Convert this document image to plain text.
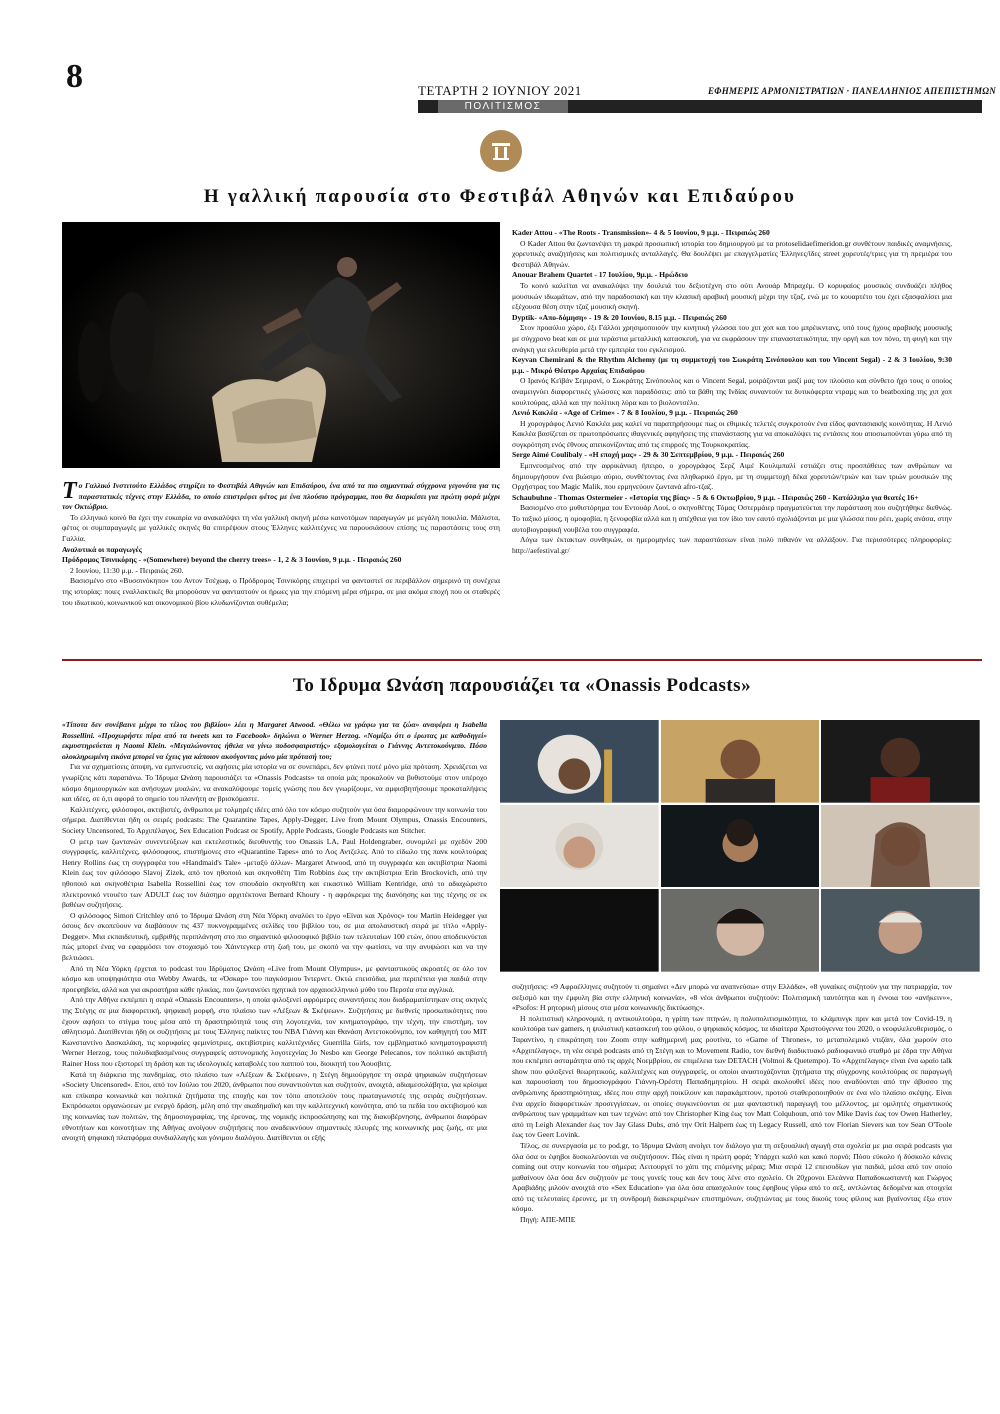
8	ΤΕΤΑΡΤΗ 2 ΙΟΥΝΙΟΥ 2021	ΕΦΗΜΕΡΙΣ ΑΡΜΟΝΙΣΤΡΑΤΙΩΝ · ΠΑΝΕΛΛΗΝΙΟΣ ΑΠΕΠΙΣΤΗΜΩΝ
ΠΟΛΙΤΙΣΜΟΣ
Η γαλλική παρουσία στο Φεστιβάλ Αθηνών και Επιδαύρου

Το Γαλλικό Ινστιτούτο Ελλάδος στηρίζει το Φεστιβάλ Αθηνών και Επιδαύρου, ένα από τα πιο σημαντικά σύγχρονα γεγονότα για τις παραστατικές τέχνες στην Ελλάδα, το οποίο επιστρέφει φέτος με ένα πλούσιο πρόγραμμα, που θα διαρκέσει για πρώτη φορά μέχρι τον Οκτώβριο.

Το ελληνικό κοινό θα έχει την ευκαιρία να ανακαλύψει τη νέα γαλλική σκηνή μέσω καινοτόμων παραγωγών με μεγάλη ποικιλία. Μάλιστα, φέτος οι συμπαραγωγές με γαλλικές σκηνές θα επιτρέψουν στους Έλληνες καλλιτέχνες να παρουσιάσουν επίσης τις παραστάσεις τους στη Γαλλία.

Αναλυτικά οι παραγωγές

Πρόδρομος Τσινικόρης - «(Somewhere) beyond the cherry trees» - 1, 2 & 3 Ιουνίου, 9 μ.μ. - Πειραιώς 260

2 Ιουνίου, 11:30 μ.μ. - Πειραιώς 260.

Βασισμένο στο «Βυσσινόκηπο» του Αντον Τσέχωφ, ο Πρόδρομος Τσινικόρης επιχειρεί να φανταστεί σε περιβάλλον σημερινό τη συνέχεια της ιστορίας: ποιες εναλλακτικές θα μπορούσαν να φανταστούν οι ήρωες για την επόμενη μέρα σήμερα, σε μια ακόμα εποχή που οι σταθερές του ιδιωτικού, κοινωνικού και οικονομικού βίου κλυδωνίζονται συθέμελα;

Kader Attou - «The Roots - Transmission»- 4 & 5 Ιουνίου, 9 μ.μ. - Πειραιώς 260

Ο Kader Attou θα ζωντανέψει τη μακρά προσωπική ιστορία του δημιουργού με τα protoselidaefimeridon.gr συνθέτουν παιδικές αναμνήσεις, χορευτικές αναζητήσεις και πολιτισμικές ανταλλαγές. Θα δουλέψει με επαγγελματίες Έλληνες/ίδες street χορευτές/τριες για τη πρεμιέρα του Φεστιβάλ Αθηνών.

Anouar Brahem Quartet - 17 Ιουλίου, 9μ.μ. - Ηρώδειο

Το κοινό καλείται να ανακαλύψει την δουλειά του δεξιοτέχνη στο ούτι Ανουάρ Μπραχέμ. Ο κορυφαίος μουσικός συνδυάζει πλήθος μουσικών ιδιωμάτων, από την παραδοσιακή και την κλασική αραβική μουσική μέχρι την τζαζ, ενώ με το κουαρτέτο του έχει εξασφαλίσει μια εξέχουσα θέση στην τζαζ μουσική σκηνή.

Dyptik- «Απο-δόμηση» - 19 & 20 Ιουνίου, 8.15 μ.μ. - Πειραιώς 260

Στον προαύλιο χώρο, έξι Γάλλοι χρησιμοποιούν την κινητική γλώσσα του χιπ χοπ και του μπρέικντανς, υπό τους ήχους αραβικής μουσικής με σύγχρονο beat και σε μια τεράστια μεταλλική κατασκευή, για να εκφράσουν την επαναστατικότητα, την οργή και τον πόνο, τη φυγή και την ανάγκη για ελευθερία μετά την εμπειρία του εγκλεισμού.

Keyvan Chemirani & the Rhythm Alchemy (με τη συμμετοχή του Σωκράτη Σινόπουλου και του Vincent Segal) - 2 & 3 Ιουλίου, 9:30 μ.μ. - Μικρό Θέατρο Αρχαίας Επιδαύρου

Ο Ιρανός Κεϊβάν Σεμιρανί, ο Σωκράτης Σινόπουλος και ο Vincent Segal, μοιράζονται μαζί μας τον πλούσιο και σύνθετο ήχο τους ο οποίος αναμειγνύει διαφορετικές γλώσσες και παραδόσεις: από τα βάθη της Ινδίας συναντούν τα δυτικόφερτα ντραμς και το beatboxing της χιπ χοπ κουλτούρας, αλλά και την πολίτικη λύρα και το βιολοντσέλο.

Λενιό Κακλέα - «Age of Crime» - 7 & 8 Ιουλίου, 9 μ.μ. - Πειραιώς 260

Η χορογράφος Λενιό Κακλέα μας καλεί να παρατηρήσουμε πως οι εθιμικές τελετές συγκροτούν ένα είδος φαντασιακής κοινότητας. Η Λενιό Κακλέα βασίζεται σε πρωτοπρόσωπες ιθαγενικές αφηγήσεις της επανάστασης για να αποκαλύψει τις εντάσεις που αποσιωπούνται γύρω από τη συγκρότηση ενός έθνους απεικονίζοντας από τις επιρροές της Τουρκοκρατίας.

Serge Aimé Coulibaly - «Η εποχή μας» - 29 & 30 Σεπτεμβρίου, 9 μ.μ. - Πειραιώς 260

Εμπνευσμένος από την αφρικάνικη ήπειρο, ο χορογράφος Σερζ Αιμέ Κουλιμπαλί εστιάζει στις προσπάθειες των ανθρώπων να δημιουργήσουν ένα βιώσιμο αύριο, συνθέτοντας ένα πληθωρικό έργο, με τη συμμετοχή δέκα χορευτών/τριών και των τριών μουσικών της Ορχήστρας του Magic Malik, που ερμηνεύουν ζωντανά afro-τζαζ.

Schaubuhne - Thomas Ostermeier - «Ιστορία της βίας» - 5 & 6 Οκτωβρίου, 9 μ.μ. - Πειραιώς 260 - Κατάλληλο για θεατές 16+

Βασισμένο στο μυθιστόρημα του Εντουάρ Λουί, ο σκηνοθέτης Τόμας Οστερμάιερ πραγματεύεται την παράσταση που συζητήθηκε διεθνώς. Το ταξικό μίσος, η ομοφοβία, η ξενοφοβία αλλά και η απέχθεια για τον ίδιο τον εαυτό σχολιάζονται με μια γλώσσα που ρέει, χωρίς ανάσα, στην αυτοβιογραφική νουβέλα του συγγραφέα.

Λόγω των έκτακτων συνθηκών, οι ημερομηνίες των παραστάσεων είναι πολύ πιθανόν να αλλάξουν. Για περισσότερες πληροφορίες: http://aefestival.gr/

Το Ιδρυμα Ωνάση παρουσιάζει τα «Onassis Podcasts»

«Τίποτα δεν συνέβαινε μέχρι το τέλος του βιβλίου» λέει η Margaret Atwood. «Θέλω να γράφω για τα ζώα» αναφέρει η Isabella Rossellini. «Προχωρήστε πέρα από τα tweets και το Facebook» δηλώνει ο Werner Herzog. «Νομίζω ότι ο έρωτας με καθοδηγεί» εκμυστηρεύεται η Naomi Klein. «Μεγαλώνοντας ήθελα να γίνω ποδοσφαιριστής» εξομολογείται ο Γιάννης Αντετοκούνμπο. Πόσο ολοκληρωμένη εικόνα μπορεί να έχεις για κάποιον ακούγοντας μόνο μία πρότασή του;

Για να σχηματίσεις άποψη, να εμπνευστείς, να αφήσεις μία ιστορία να σε συνεπάρει, δεν φτάνει ποτέ μόνο μία πρόταση. Χρειάζεται να γνωρίζεις κάτι παραπάνω. Το Ίδρυμα Ωνάση παρουσιάζει τα «Onassis Podcasts» τα οποία μάς προκαλούν να βυθιστούμε στον υπέροχο κόσμο δημιουργικών και ανήσυχων μυαλών, να ανακαλύψουμε τομείς γνώσης που δεν γνωρίζουμε, να αμφισβητήσουμε προκαταλήψεις και ιδέες, σε ό,τι αφορά το σημείο του πλανήτη αν βρισκόμαστε.

Καλλιτέχνες, φιλόσοφοι, ακτιβιστές, άνθρωποι με τολμηρές ιδέες από όλο τον κόσμο συζητούν για όσα διαμορφώνουν την κοινωνία του σήμερα. Διατίθενται ήδη οι σειρές podcasts: The Quarantine Tapes, Apply-Degger, Live from Mount Olympus, Onassis Encounters, Society Uncensored, Το Αρχιπέλαγος, Sex Education Podcast σε Spotify, Apple Podcasts, Google Podcasts και Stitcher.

Ο μετρ των ζωντανών συνεντεύξεων και εκτελεστικός διευθυντής του Onassis LA, Paul Holdengraber, συνομιλεί με σχεδόν 200 συγγραφείς, καλλιτέχνες, φιλόσοφους, επιστήμονες στο «Quarantine Tapes» από το Λος Αντζελες. Από το είδωλο της πανκ κουλτούρας Henry Rollins έως τη συγγραφέα του «Handmaid's Tale» -μεταξύ άλλων- Margaret Atwood, από τη συγγραφέα και ακτιβίστρια Naomi Klein έως τον φιλόσοφο Slavoj Zizek, από τον ηθοποιό και σκηνοθέτη Tim Robbins έως την ακτιβίστρια Erin Brockovich, από την ηθοποιό και σκηνοθέτρια Isabella Rossellini έως τον σπουδαίο σκηνοθέτη και εικαστικό William Kentridge, από το αδιαχώριστο πλεκτρονικό ντουέτο των ADULT έως τον διάσημο αρχιτέκτονα Bernard Khoury - η αφρόκρεμα της διανόησης και της τέχνης σε εκ βαθέων συζητήσεις.

Ο φιλόσοφος Simon Critchley από το Ίδρυμα Ωνάση στη Νέα Υόρκη αναλύει το έργο «Είναι και Χρόνος» του Martin Heidegger για όσους δεν σκοπεύουν να διαβάσουν τις 437 πυκνογραμμένες σελίδες του βιβλίου του, σε μια απολαυστική σειρά με τίτλο «Apply-Degger». Μια εκπαιδευτική, εμβριθής περιπλάνηση στο πιο σημαντικό φιλοσοφικό βιβλίο των τελευταίων 100 ετών, όπου αποδεικνύεται πώς μπορεί ένας να εφαρμόσει τον στοχασμό του Χάιντεγκερ στη ζωή του, με σκοπό να την φωτίσει, να την ανυψώσει και να την βελτιώσει.

Από τη Νέα Υόρκη έρχεται το podcast του Ιδρύματος Ωνάση «Live from Mount Olympus», με φανταστικούς ακροατές σε όλο τον κόσμο και υποψηφιότητα στα Webby Awards, τα «Όσκαρ» του παγκόσμιου Ίντερνετ. Οκτώ επεισόδια, μια περιπέτεια για παιδιά στην προεφηβεία, αλλά και για ακροατήρια κάθε ηλικίας, που ζωντανεύει ηχητικά τον αρχαιοελληνικό μύθο του Περσέα στα αγγλικά.

Από την Αθήνα εκπέμπει η σειρά «Onassis Encounters», η οποία φιλοξενεί αφρόμερες συναντήσεις που διαδραματίστηκαν στις σκηνές της Στέγης σε μια διαφορετική, ψηφιακή μορφή, στο πλαίσιο των «Λέξεων & Σκέψεων». Συζητήσεις με διεθνείς προσωπικότητες που έχουν αφήσει το στίγμα τους μέσα από τη δραστηριότητά τους στη λογοτεχνία, τον κινηματογράφο, την τέχνη, την επιστήμη, τον αθλητισμό. Διατίθενται ήδη οι συζητήσεις με τους Έλληνες παίκτες του NBA Γιάννη και Θανάση Αντετοκούνμπο, τον καθηγητή του MIT Κωνσταντίνο Δασκαλάκη, τις κορυφαίες φεμινίστριες, ακτιβίστριες καλλιτέχνιδες Guerrilla Girls, τον εμβληματικό κινηματογραφιστή Werner Herzog, τους πολυδιαβασμένους συγγραφείς αστυνομικής λογοτεχνίας Jo Nesbo και George Pelecanos, τον πολιτικό ακτιβιστή Rainer Hoss που εξιστορεί τη δράση και τις ιδεολογικές καταβολές του παππού του, διοικητή του Άουσβιτς.

Κατά τη διάρκεια της πανδημίας, στο πλαίσιο των «Λέξεων & Σκέψεων», η Στέγη δημιούργησε τη σειρά ψηφιακών συζητήσεων «Society Uncensored». Εποι, από τον Ιούλιο του 2020, άνθρωποι που συναντιούνται και συζητούν, ανοιχτά, αδιαμεσολάβητα, για κρίσιμα και επίκαιρα κοινωνικά και πολιτικά ζητήματα της εποχής και τον τόπο αποτελούν τους πρωταγωνιστές της σειράς συζητήσεων. Εκπρόσωποι οργανώσεων με ενεργό δράση, μέλη από την ακαδημαϊκή και την καλλιτεχνική κοινότητα, από τα πεδία του ακτιβισμού και της κοινωνίας των πολιτών, της δημοσιογραφίας, της έρευνας, της νομικής εκπροσώπησης και της διακυβέρνησης, άνθρωποι διαφόρων εθνοτήτων και κοινοτήτων της Αθήνας ανοίγουν συζητήσεις που αναδεικνύουν σημαντικές πλευρές της κοινωνικής μας ζωής, σε μια ανοιχτή ψηφιακή πλατφόρμα συνδιαλλαγής και γόνιμου διαλόγου. Διατίθενται οι εξής

συζητήσεις: «9 Αφροέλληνες συζητούν τι σημαίνει «Δεν μπορώ να αναπνεύσω» στην Ελλάδα», «8 γυναίκες συζητούν για την πατριαρχία, τον σεξισμό και την έμφυλη βία στην ελληνική κοινωνία», «8 νέοι άνθρωποι συζητούν: Πολιτισμική ταυτότητα και η έννοια του «ανήκειν»», «Psofos: Η ρητορική μίσους στα μέσα κοινωνικής δικτύωσης».

Η πολιτιστική κληρονομιά, η αντικουλτούρα, η γρίπη των πτηνών, η πολυπολιτισμικότητα, το κλάμπινγκ πριν και μετά τον Covid-19, η κουλτούρα των gamers, η ψυλιστική κατασκευή του φύλου, ο ψηφιακός κόσμος, τα ιδιαίτερα Χριστούγεννα του 2020, ο νεοφιλελευθερισμός, ο Ταραντίνο, η επικράτηση του Zoom στην καθημερινή μας ρουτίνα, το «Game of Thrones», το μεταπολεμικό ντιζάιν, όλα χωρούν στο «Αρχιπέλαγος», τη νέα σειρά podcasts από τη Στέγη και το Movement Radio, τον διεθνή διαδικτυακό ραδιοφωνικό σταθμό με έδρα την Αθήνα που εκπέμπει ασταμάτητα από τις αρχές Νοεμβρίου, σε επιμέλεια των DETACH (Voltnoi & Quetempo). Το «Αρχιπέλαγος» είναι ένα ωραίο talk show που φιλοξενεί θεωρητικούς, καλλιτέχνες και συγγραφείς, οι οποίοι αναστοχάζονται ζητήματα της σύγχρονης κουλτούρας σε παραγωγή και παρουσίαση του δημοσιογράφου Γιάννη-Ορέστη Παπαδημητρίου. Η σειρά ακολουθεί ιδέες που αναδύονται από την άβυσσο της ανθρώπινης δραστηριότητας, ιδέες που στην αρχή ποικίλουν και παρακάμπτουν, προτού σταθεροποιηθούν σε ένα νέο πλαίσιο σκέψης. Είναι ένα αρχείο διαφορετικών προσεγγίσεων, οι οποίες συγκινεύονται σε μια φανταστική παραγωγή του μέλλοντος, με ομιλητές σημαντικούς ανθρώπους των γραμμάτων και των τεχνών: από τον Christopher King έως τον Matt Colquhoun, από τον Mike Davis έως τον Owen Hatherley, από τη Leigh Alexander έως τον Jay Glass Dubs, από την Orit Halpern έως τη Legacy Russell, από τον Florian Sievers και τον Sean O'Toole έως τον Geert Lovink.

Τέλος, σε συνεργασία με το pod.gr, το Ίδρυμα Ωνάση ανοίγει τον διάλογο για τη σεξουαλική αγωγή στα σχολεία με μια σειρά podcasts για όλα όσα οι έφηβοι δυσκολεύονται να συζητήσουν. Πώς είναι η πρώτη φορά; Υπάρχει καλό και κακό πορνό; Πόσο εύκολο ή δύσκολο κάνεις coming out στην κοινωνία του σήμερα; Λειτουργεί το χάπι της επόμενης μέρας; Μια σειρά 12 επεισοδίων για παιδιά, μέσα από τον οποίο μαθαίνουν όλα όσα δεν συζητούν με τους γονείς τους και δεν τους λένε στο σχολείο. Οι 20χρονοι Ελεάννα Παπαδοκωσταντή και Γιώργος Αραβιάδης μιλούν ανοιχτά στο «Sex Education» για όλα όσα απασχολούν τους έφηβους γύρω από το σεξ, αντλώντας δεδομένα και στοιχεία από τις τελευταίες έρευνες, με τη συνδρομή διακεκριμένων επιστημόνων, συζητώντας με τους δικούς τους φίλους και βγαίνοντας έξω στον κόσμο.

Πηγή: ΑΠΕ-ΜΠΕ
